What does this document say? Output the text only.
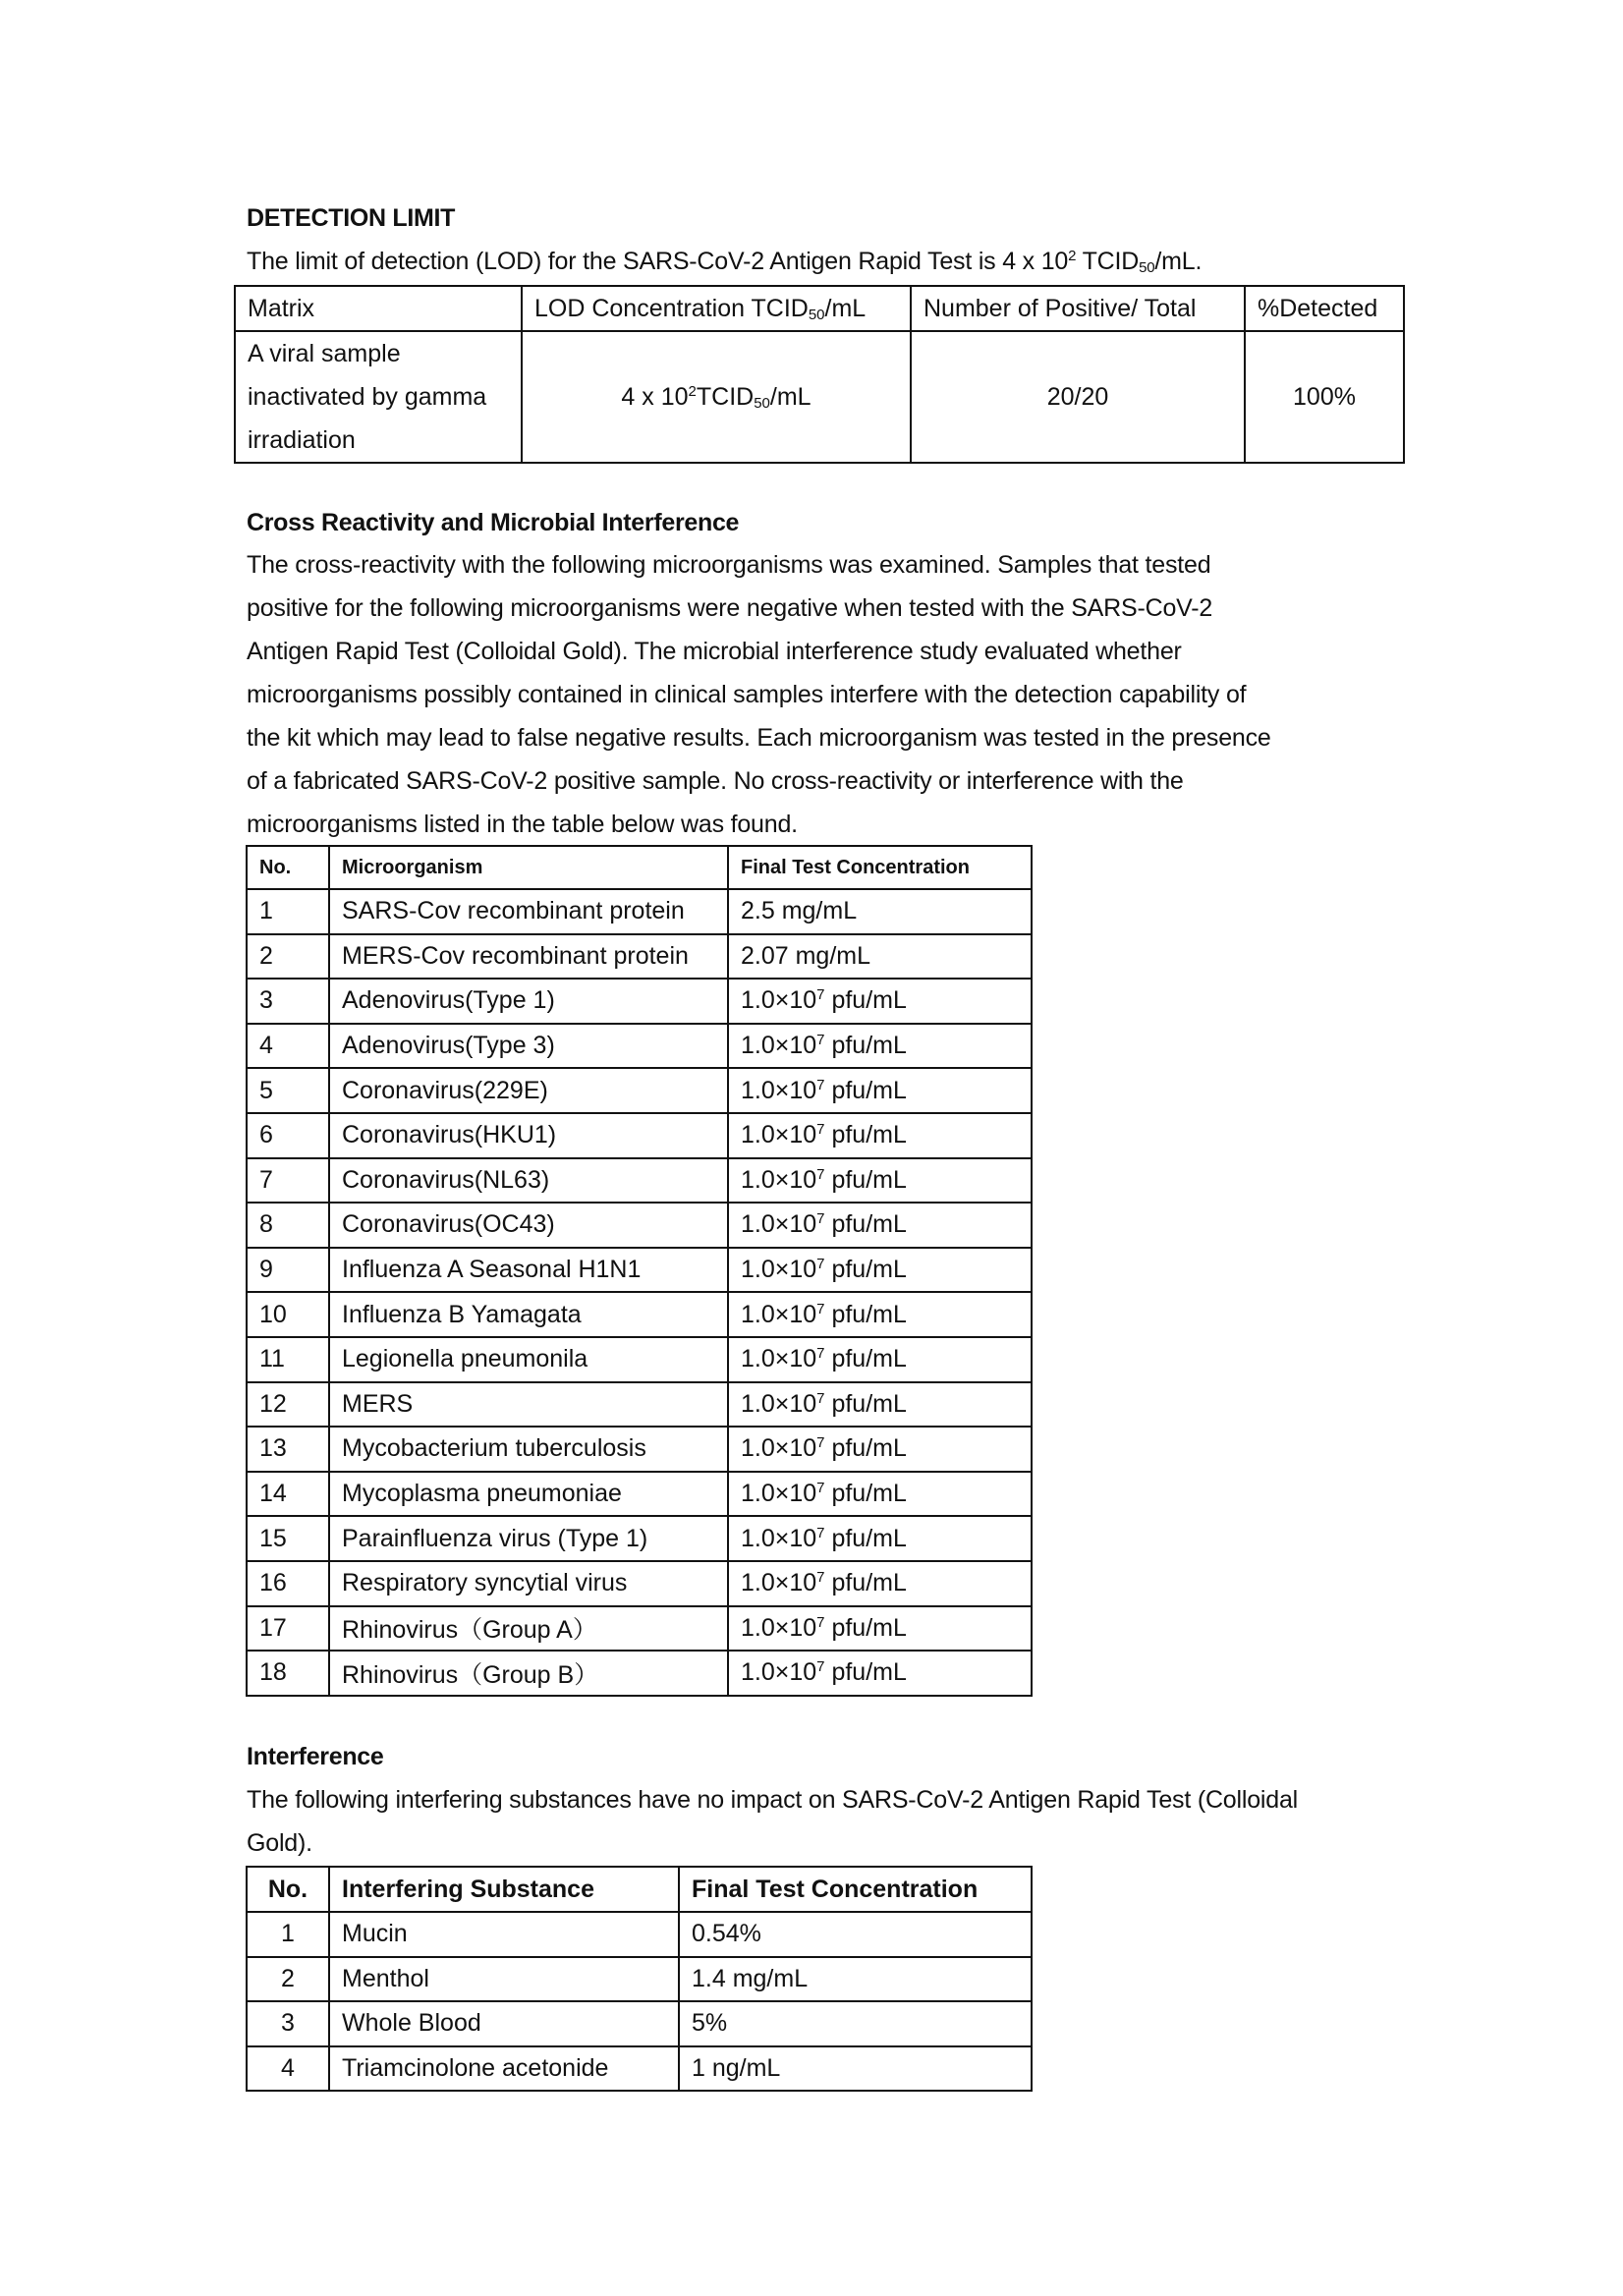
DETECTION LIMIT

The limit of detection (LOD) for the SARS-CoV-2 Antigen Rapid Test is 4 x $10^2$ $TCID_{50}/mL$.

Matrix	LOD Concentration $TCID_{50}/mL$	Number of Positive/ Total	%Detected
A viral sample inactivated by gamma irradiation	4 x $10^2TCID_{50}/mL$	20/20	100%
Cross Reactivity and Microbial Interference

The cross-reactivity with the following microorganisms was examined. Samples that tested

positive for the following microorganisms were negative when tested with the SARS-CoV-2

Antigen Rapid Test (Colloidal Gold). The microbial interference study evaluated whether

microorganisms possibly contained in clinical samples interfere with the detection capability of

the kit which may lead to false negative results. Each microorganism was tested in the presence

of a fabricated SARS-CoV-2 positive sample. No cross-reactivity or interference with the

microorganisms listed in the table below was found.

No.	Microorganism	Final Test Concentration
1	SARS-Cov recombinant protein	2.5 mg/mL
2	MERS-Cov recombinant protein	2.07 mg/mL
3	Adenovirus(Type 1)	$1.0\times 10^7$ pfu/mL
4	Adenovirus(Type 3)	$1.0\times 10^7$ pfu/mL
5	Coronavirus(229E)	$1.0\times 10^7$ pfu/mL
6	Coronavirus(HKU1)	$1.0\times 10^7$ pfu/mL
7	Coronavirus(NL63)	$1.0\times 10^7$ pfu/mL
8	Coronavirus(OC43)	$1.0\times 10^7$ pfu/mL
9	Influenza A Seasonal H1N1	$1.0\times 10^7$ pfu/mL
10	Influenza B Yamagata	$1.0\times 10^7$ pfu/mL
11	Legionella pneumonila	$1.0\times 10^7$ pfu/mL
12	MERS	$1.0\times 10^7$ pfu/mL
13	Mycobacterium tuberculosis	$1.0\times 10^7$ pfu/mL
14	Mycoplasma pneumoniae	$1.0\times 10^7$ pfu/mL
15	Parainfluenza virus (Type 1)	$1.0\times 10^7$ pfu/mL
16	Respiratory syncytial virus	$1.0\times 10^7$ pfu/mL
17	Rhinovirus（Group A）	$1.0\times 10^7$ pfu/mL
18	Rhinovirus（Group B）	$1.0\times 10^7$ pfu/mL
Interference

The following interfering substances have no impact on SARS-CoV-2 Antigen Rapid Test (Colloidal

Gold).

No.	Interfering Substance	Final Test Concentration
1	Mucin	0.54%
2	Menthol	1.4 mg/mL
3	Whole Blood	5%
4	Triamcinolone acetonide	1 ng/mL
